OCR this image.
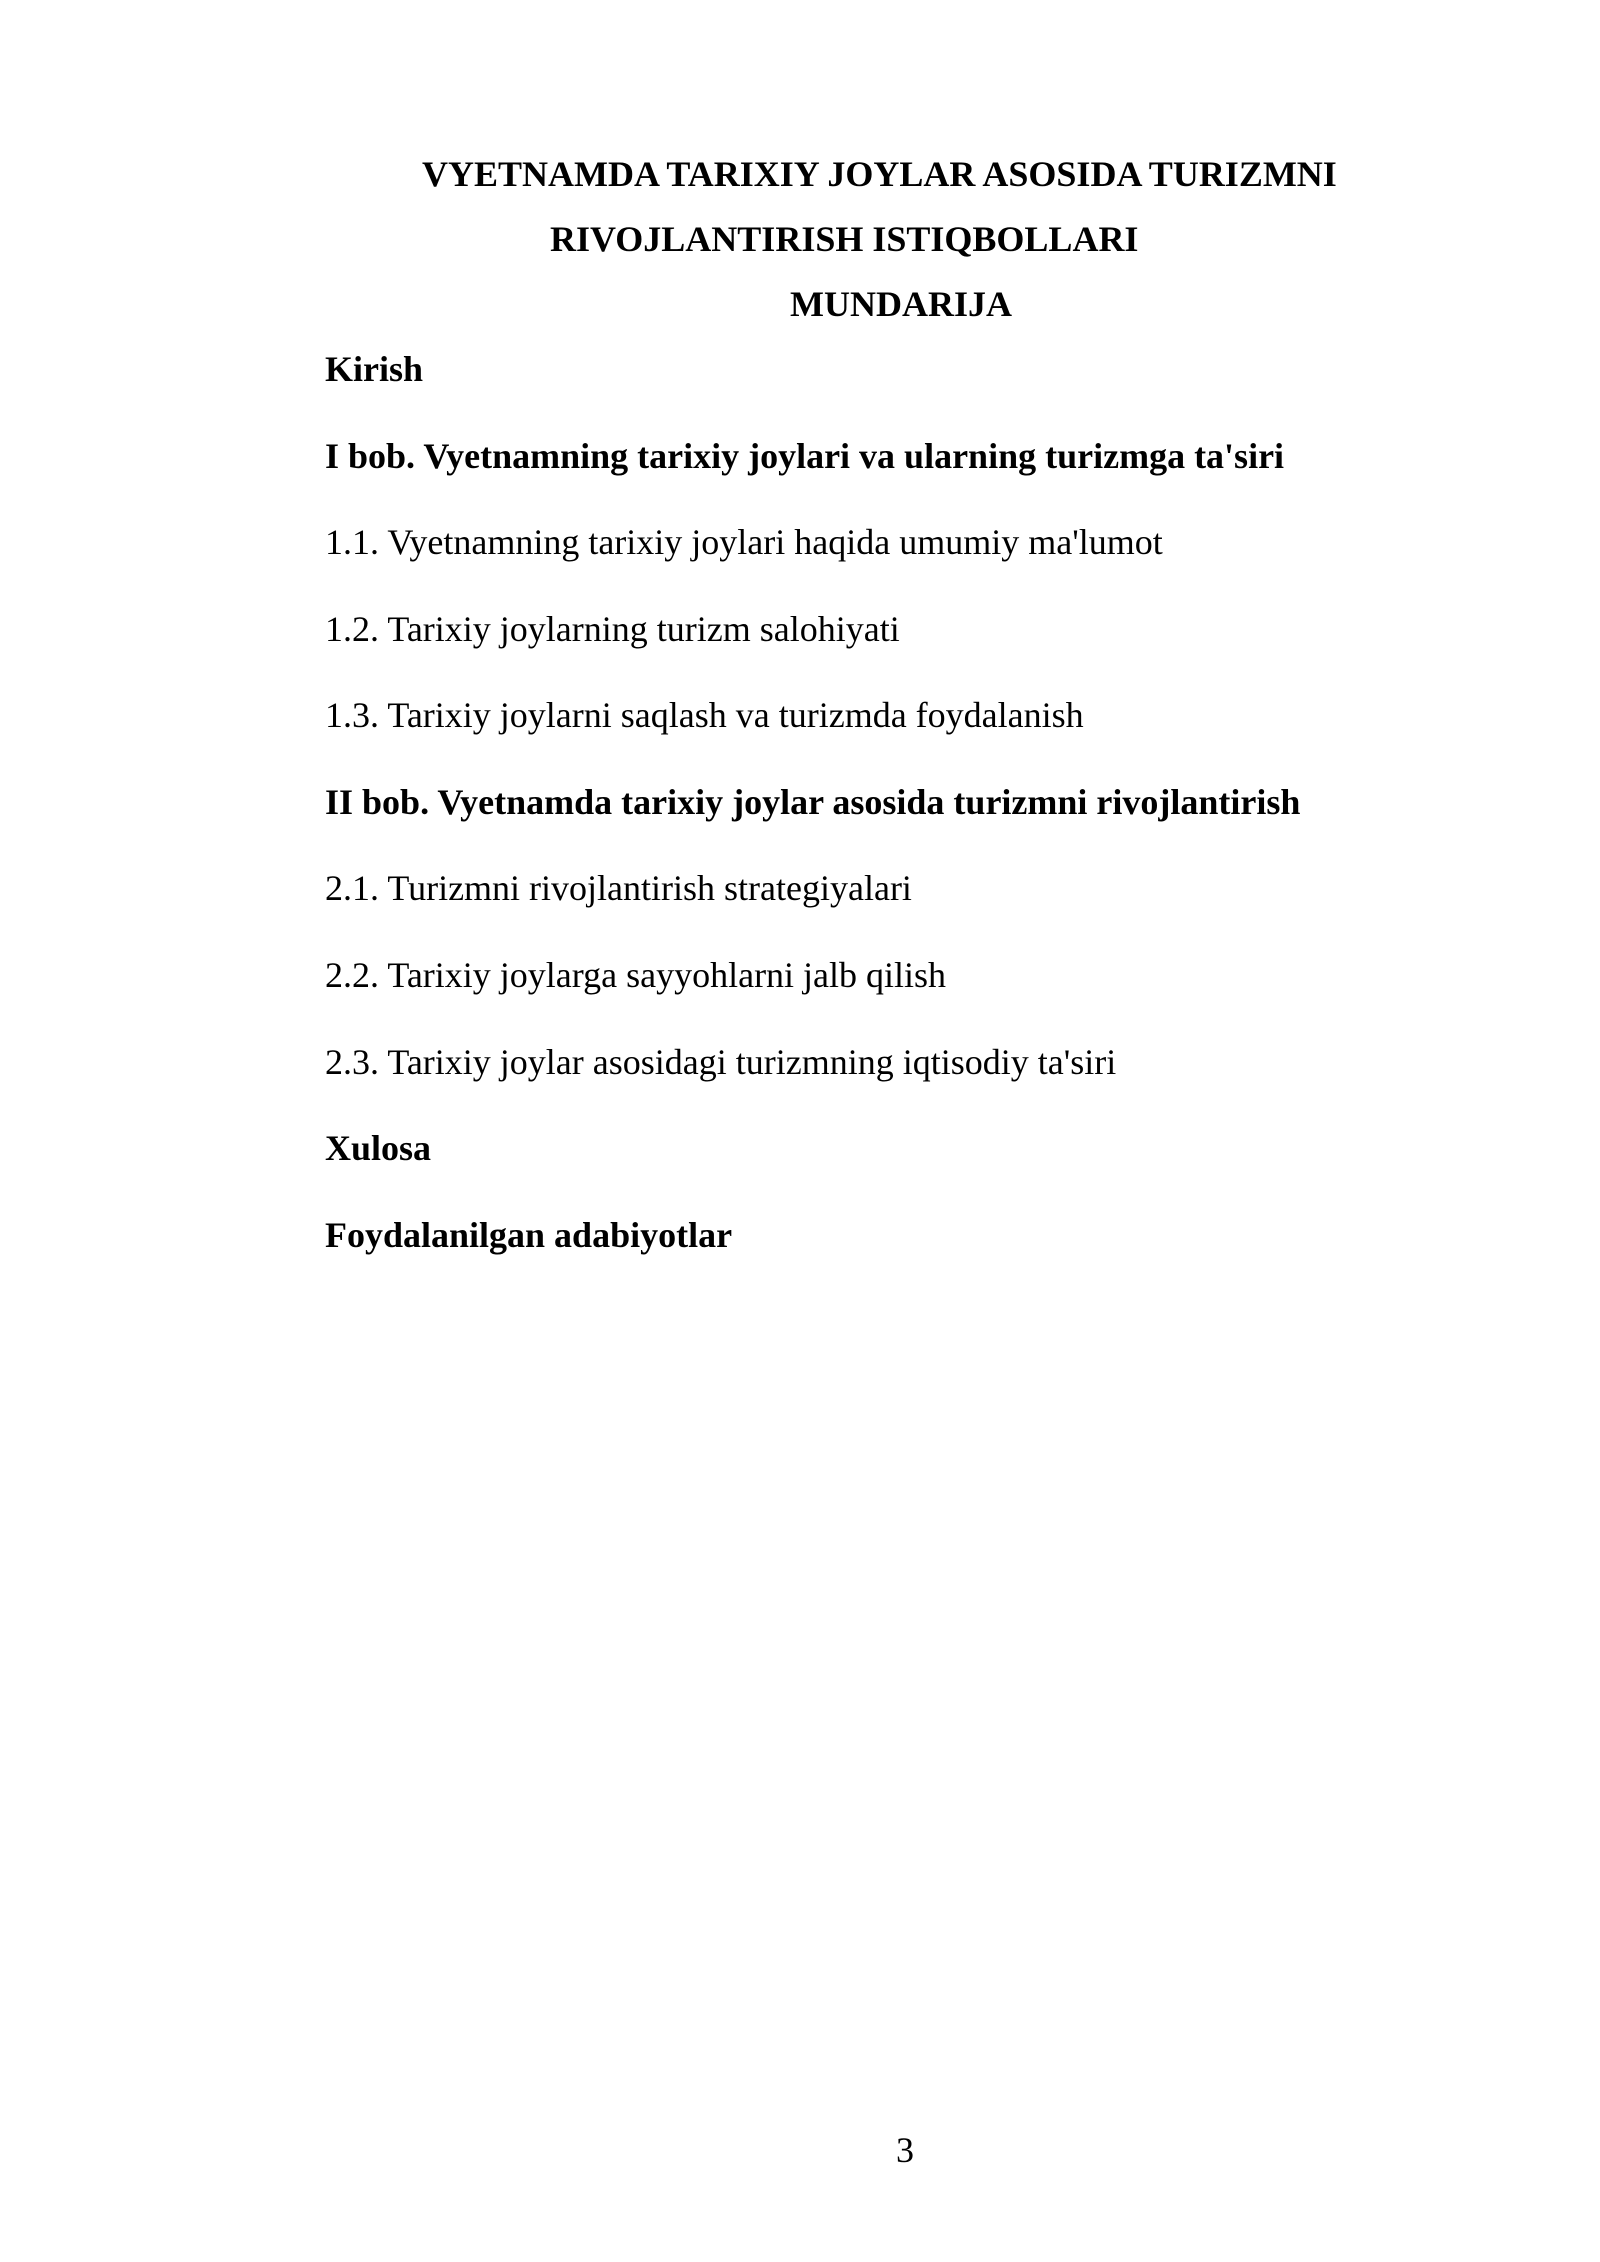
VYETNAMDA TARIXIY JOYLAR ASOSIDA TURIZMNI
RIVOJLANTIRISH ISTIQBOLLARI
MUNDARIJA
Kirish
I bob. Vyetnamning tarixiy joylari va ularning turizmga ta'siri
1.1. Vyetnamning tarixiy joylari haqida umumiy ma'lumot
1.2. Tarixiy joylarning turizm salohiyati
1.3. Tarixiy joylarni saqlash va turizmda foydalanish
II bob. Vyetnamda tarixiy joylar asosida turizmni rivojlantirish
2.1. Turizmni rivojlantirish strategiyalari
2.2. Tarixiy joylarga sayyohlarni jalb qilish
2.3. Tarixiy joylar asosidagi turizmning iqtisodiy ta'siri
Xulosa
Foydalanilgan adabiyotlar
3
